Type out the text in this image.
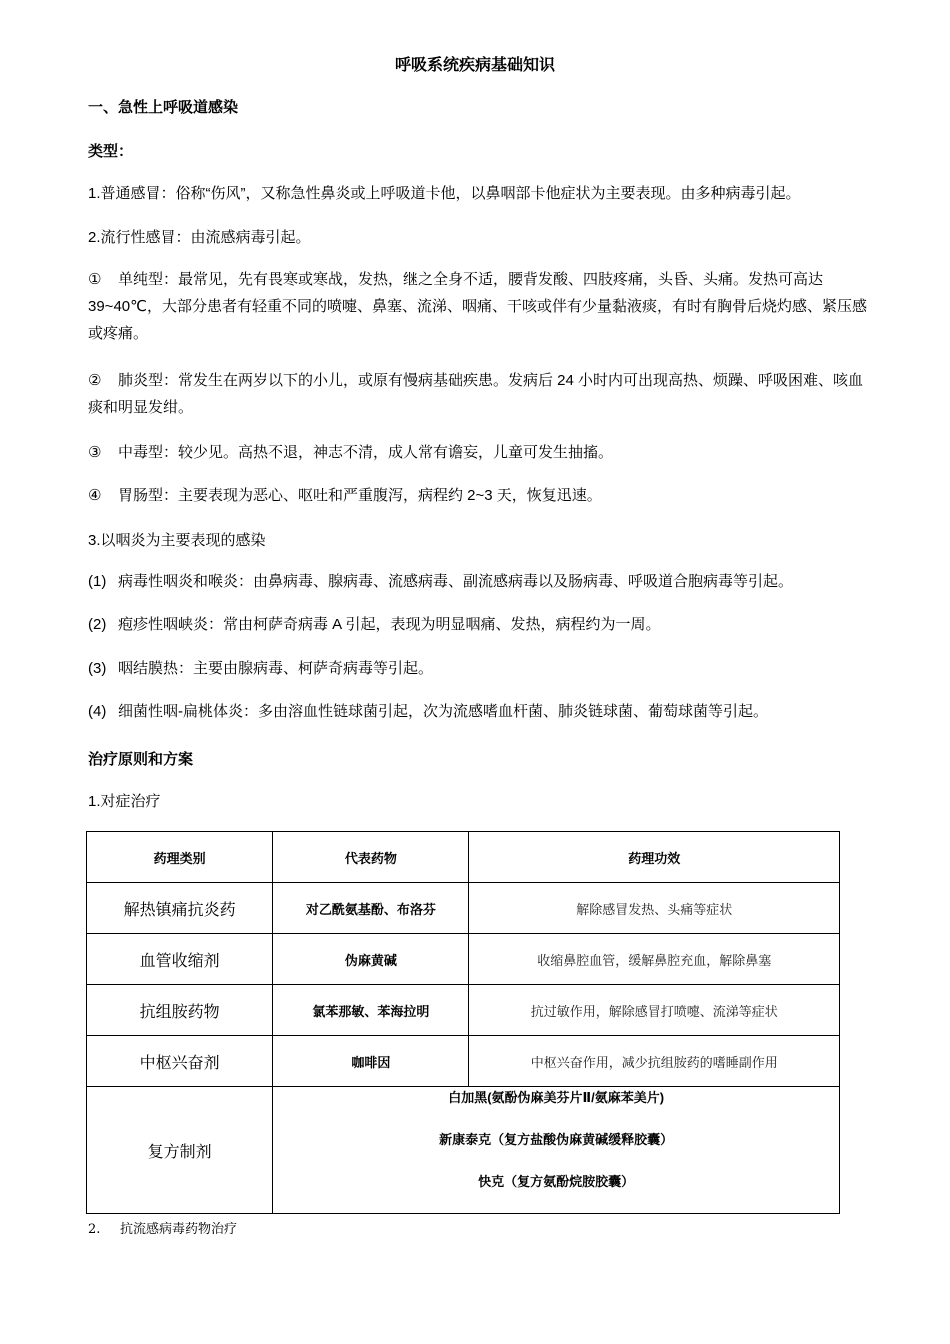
呼吸系统疾病基础知识
一、急性上呼吸道感染
类型：
1.普通感冒：俗称“伤风”，又称急性鼻炎或上呼吸道卡他，以鼻咽部卡他症状为主要表现。由多种病毒引起。
2.流行性感冒：由流感病毒引起。
① 单纯型：最常见，先有畏寒或寒战，发热，继之全身不适，腰背发酸、四肢疼痛，头昏、头痛。发热可高达39~40℃，大部分患者有轻重不同的喷嚏、鼻塞、流涕、咽痛、干咳或伴有少量黏液痰，有时有胸骨后烧灼感、紧压感或疼痛。
② 肺炎型：常发生在两岁以下的小儿，或原有慢病基础疾患。发病后 24 小时内可出现高热、烦躁、呼吸困难、咳血痰和明显发绀。
③ 中毒型：较少见。高热不退，神志不清，成人常有谵妄，儿童可发生抽搐。
④ 胃肠型：主要表现为恶心、呕吐和严重腹泻，病程约 2~3 天，恢复迅速。
3.以咽炎为主要表现的感染
(1) 病毒性咽炎和喉炎：由鼻病毒、腺病毒、流感病毒、副流感病毒以及肠病毒、呼吸道合胞病毒等引起。
(2) 疱疹性咽峡炎：常由柯萨奇病毒 A 引起，表现为明显咽痛、发热，病程约为一周。
(3) 咽结膜热：主要由腺病毒、柯萨奇病毒等引起。
(4) 细菌性咽-扁桃体炎：多由溶血性链球菌引起，次为流感嗜血杆菌、肺炎链球菌、葡萄球菌等引起。
治疗原则和方案
1.对症治疗
药理类别	代表药物	药理功效
解热镇痛抗炎药	对乙酰氨基酚、布洛芬	解除感冒发热、头痛等症状
血管收缩剂	伪麻黄碱	收缩鼻腔血管，缓解鼻腔充血，解除鼻塞
抗组胺药物	氯苯那敏、苯海拉明	抗过敏作用，解除感冒打喷嚏、流涕等症状
中枢兴奋剂	咖啡因	中枢兴奋作用，减少抗组胺药的嗜睡副作用
复方制剂	白加黑(氨酚伪麻美芬片Ⅱ/氨麻苯美片)
新康泰克（复方盐酸伪麻黄碱缓释胶囊）
快克（复方氨酚烷胺胶囊）	
2. 抗流感病毒药物治疗
